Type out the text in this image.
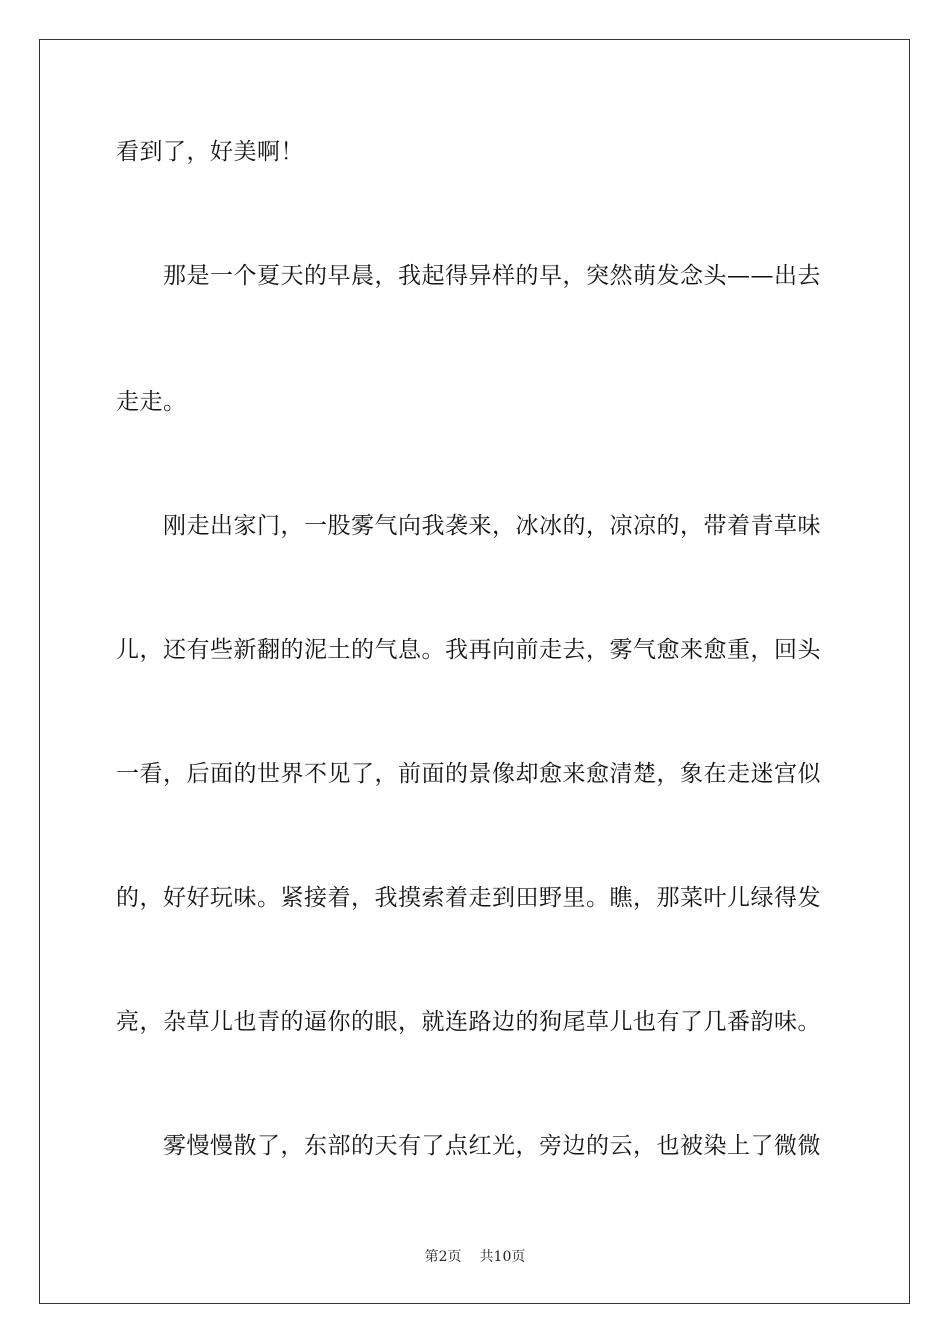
看到了，好美啊！
那是一个夏天的早晨，我起得异样的早，突然萌发念头——出去
走走。
刚走出家门，一股雾气向我袭来，冰冰的，凉凉的，带着青草味
儿，还有些新翻的泥土的气息。我再向前走去，雾气愈来愈重，回头
一看，后面的世界不见了，前面的景像却愈来愈清楚，象在走迷宫似
的，好好玩味。紧接着，我摸索着走到田野里。瞧，那菜叶儿绿得发
亮，杂草儿也青的逼你的眼，就连路边的狗尾草儿也有了几番韵味。
雾慢慢散了，东部的天有了点红光，旁边的云，也被染上了微微
第2页 共10页
